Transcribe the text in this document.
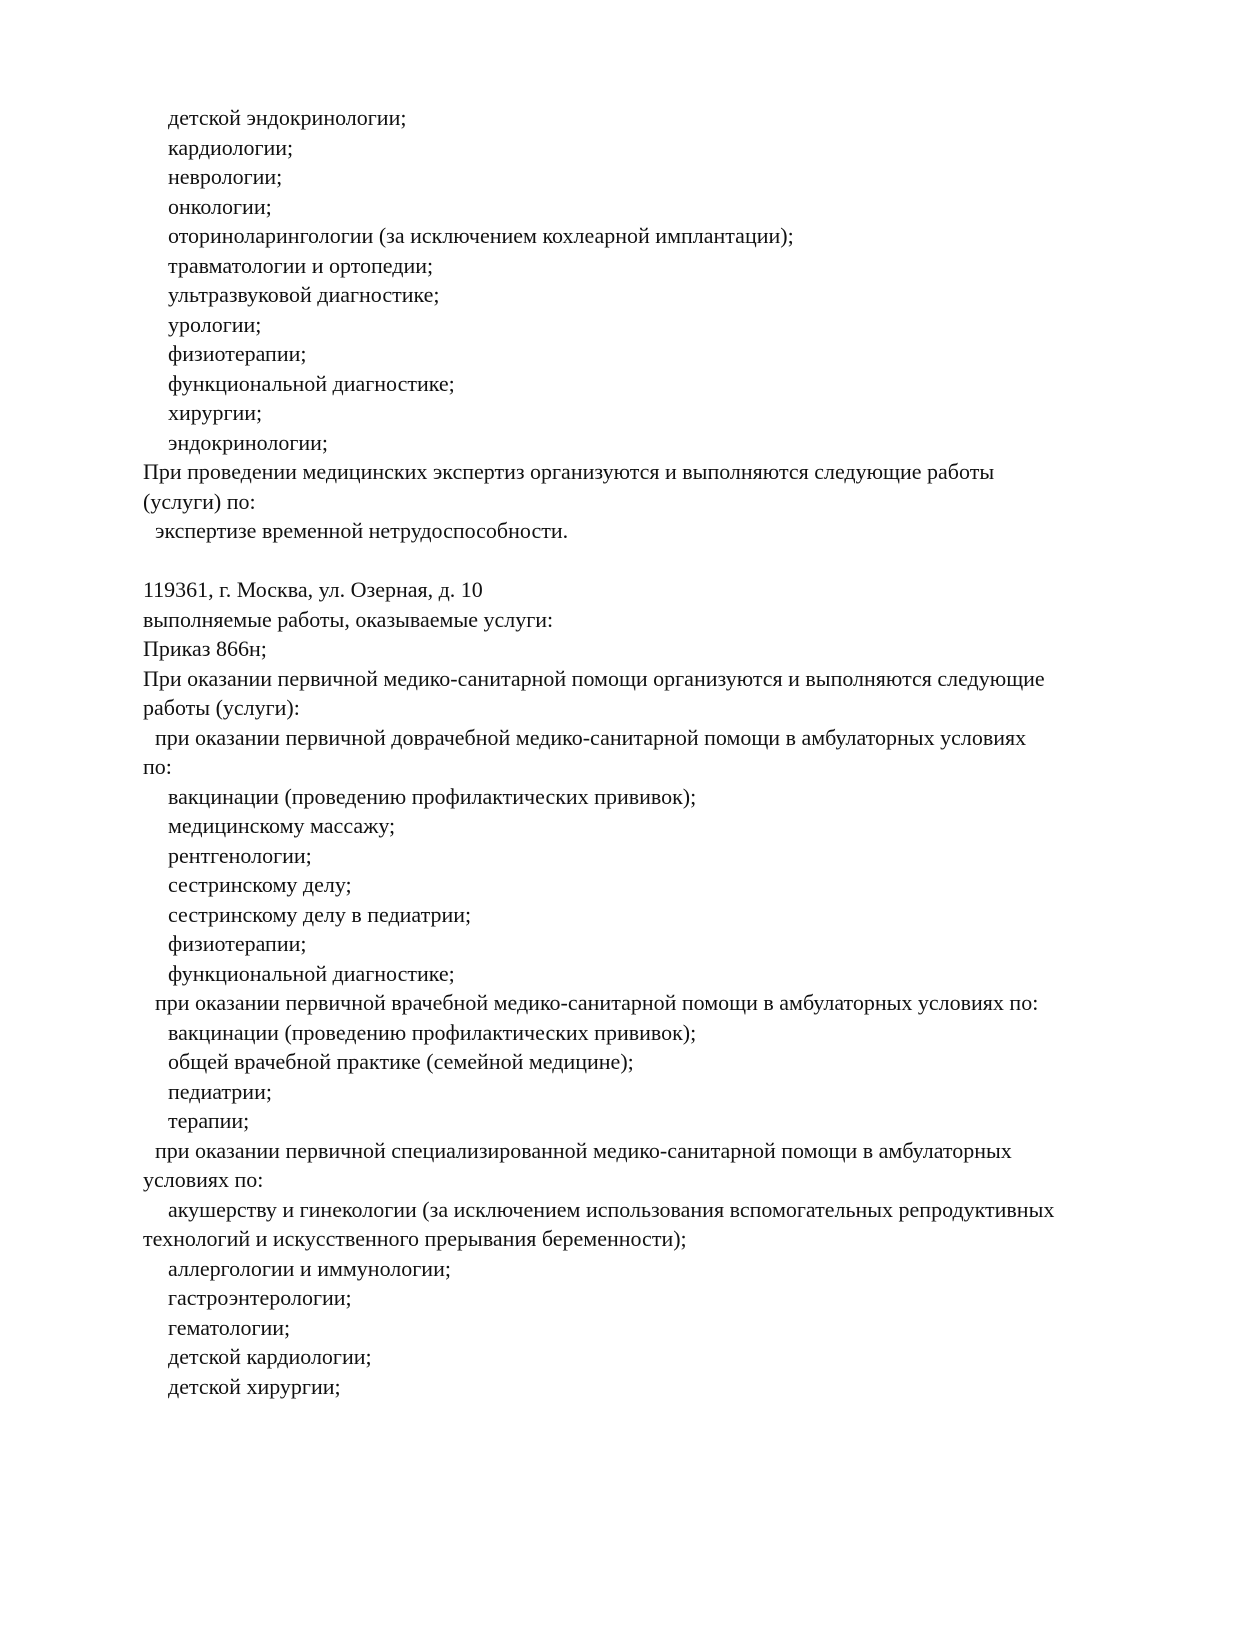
детской эндокринологии;
кардиологии;
неврологии;
онкологии;
оториноларингологии (за исключением кохлеарной имплантации);
травматологии и ортопедии;
ультразвуковой диагностике;
урологии;
физиотерапии;
функциональной диагностике;
хирургии;
эндокринологии;
При проведении медицинских экспертиз организуются и выполняются следующие работы
(услуги) по:
экспертизе временной нетрудоспособности.
119361, г. Москва, ул. Озерная, д. 10
выполняемые работы, оказываемые услуги:
Приказ 866н;
При оказании первичной медико-санитарной помощи организуются и выполняются следующие
работы (услуги):
при оказании первичной доврачебной медико-санитарной помощи в амбулаторных условиях
по:
вакцинации (проведению профилактических прививок);
медицинскому массажу;
рентгенологии;
сестринскому делу;
сестринскому делу в педиатрии;
физиотерапии;
функциональной диагностике;
при оказании первичной врачебной медико-санитарной помощи в амбулаторных условиях по:
вакцинации (проведению профилактических прививок);
общей врачебной практике (семейной медицине);
педиатрии;
терапии;
при оказании первичной специализированной медико-санитарной помощи в амбулаторных
условиях по:
акушерству и гинекологии (за исключением использования вспомогательных репродуктивных
технологий и искусственного прерывания беременности);
аллергологии и иммунологии;
гастроэнтерологии;
гематологии;
детской кардиологии;
детской хирургии;
